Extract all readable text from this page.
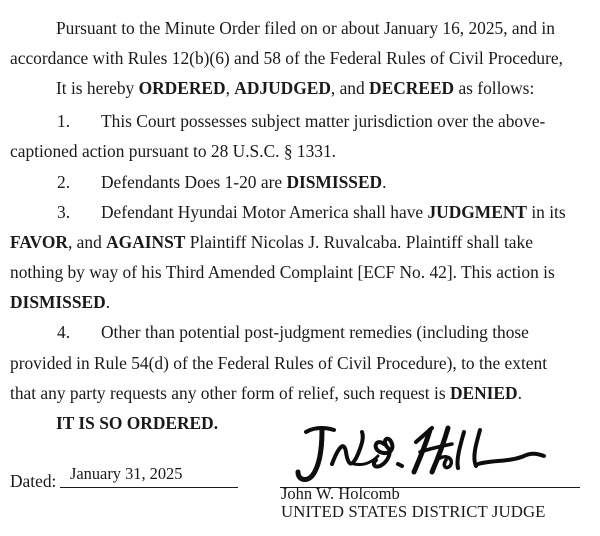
Pursuant to the Minute Order filed on or about January 16, 2025, and in
accordance with Rules 12(b)(6) and 58 of the Federal Rules of Civil Procedure,
It is hereby ORDERED, ADJUDGED, and DECREED as follows:
1. This Court possesses subject matter jurisdiction over the above-
captioned action pursuant to 28 U.S.C. § 1331.
2. Defendants Does 1-20 are DISMISSED.
3. Defendant Hyundai Motor America shall have JUDGMENT in its
FAVOR, and AGAINST Plaintiff Nicolas J. Ruvalcaba. Plaintiff shall take
nothing by way of his Third Amended Complaint [ECF No. 42]. This action is
DISMISSED.
4. Other than potential post-judgment remedies (including those
provided in Rule 54(d) of the Federal Rules of Civil Procedure), to the extent
that any party requests any other form of relief, such request is DENIED.
IT IS SO ORDERED.
Dated: January 31, 2025
John W. Holcomb
UNITED STATES DISTRICT JUDGE
